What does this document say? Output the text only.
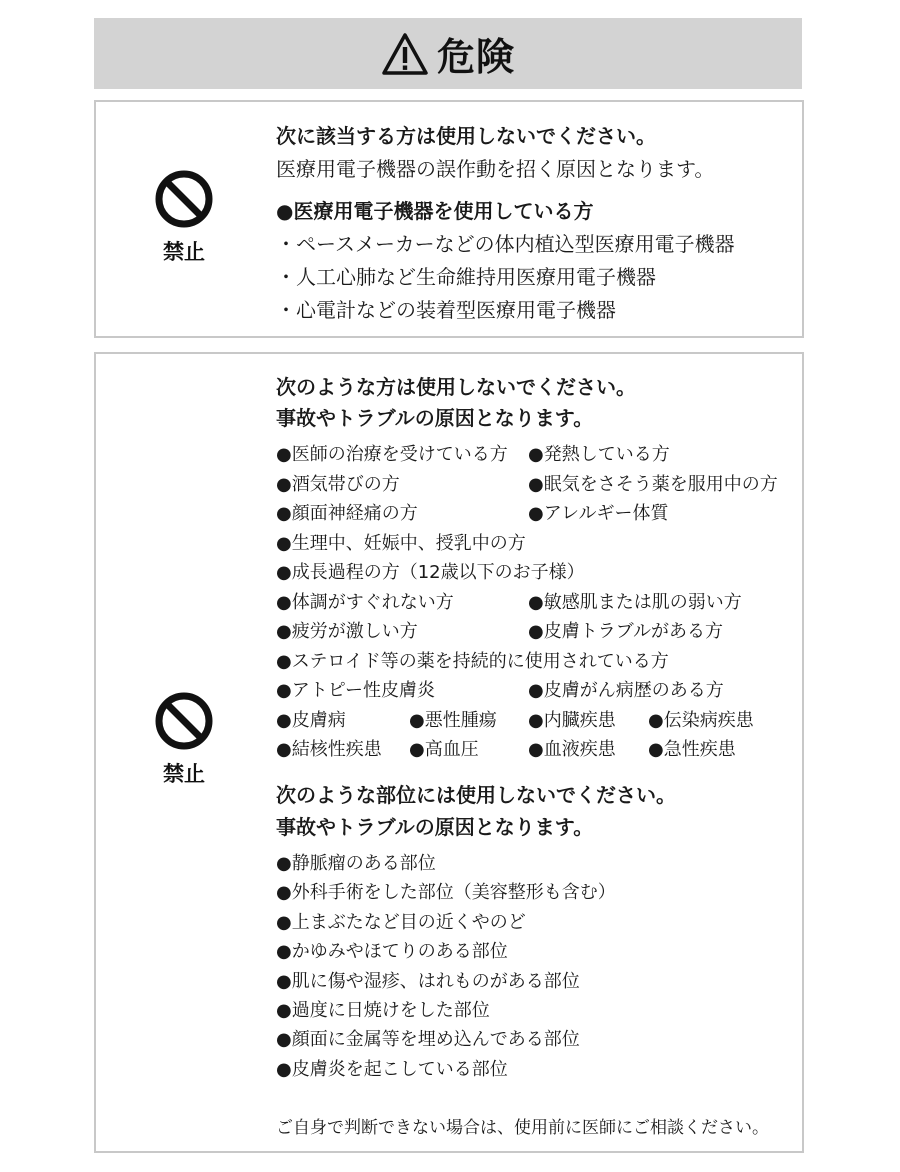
危険
禁止
次に該当する方は使用しないでください。
医療用電子機器の誤作動を招く原因となります。
●医療用電子機器を使用している方
・ペースメーカーなどの体内植込型医療用電子機器
・人工心肺など生命維持用医療用電子機器
・心電計などの装着型医療用電子機器
禁止
次のような方は使用しないでください。
事故やトラブルの原因となります。
●医師の治療を受けている方 ●発熱している方
●酒気帯びの方	●眠気をさそう薬を服用中の方
●顔面神経痛の方	●アレルギー体質
●生理中、妊娠中、授乳中の方
●成長過程の方（12歳以下のお子様）
●体調がすぐれない方	●敏感肌または肌の弱い方
●疲労が激しい方	●皮膚トラブルがある方
●ステロイド等の薬を持続的に使用されている方
●アトピー性皮膚炎	●皮膚がん病歴のある方
●皮膚病	●悪性腫瘍 ●内臓疾患 ●伝染病疾患
●結核性疾患 ●高血圧	●血液疾患 ●急性疾患
次のような部位には使用しないでください。
事故やトラブルの原因となります。
●静脈瘤のある部位
●外科手術をした部位（美容整形も含む）
●上まぶたなど目の近くやのど
●かゆみやほてりのある部位
●肌に傷や湿疹、はれものがある部位
●過度に日焼けをした部位
●顔面に金属等を埋め込んである部位
●皮膚炎を起こしている部位
ご自身で判断できない場合は、使用前に医師にご相談ください。
